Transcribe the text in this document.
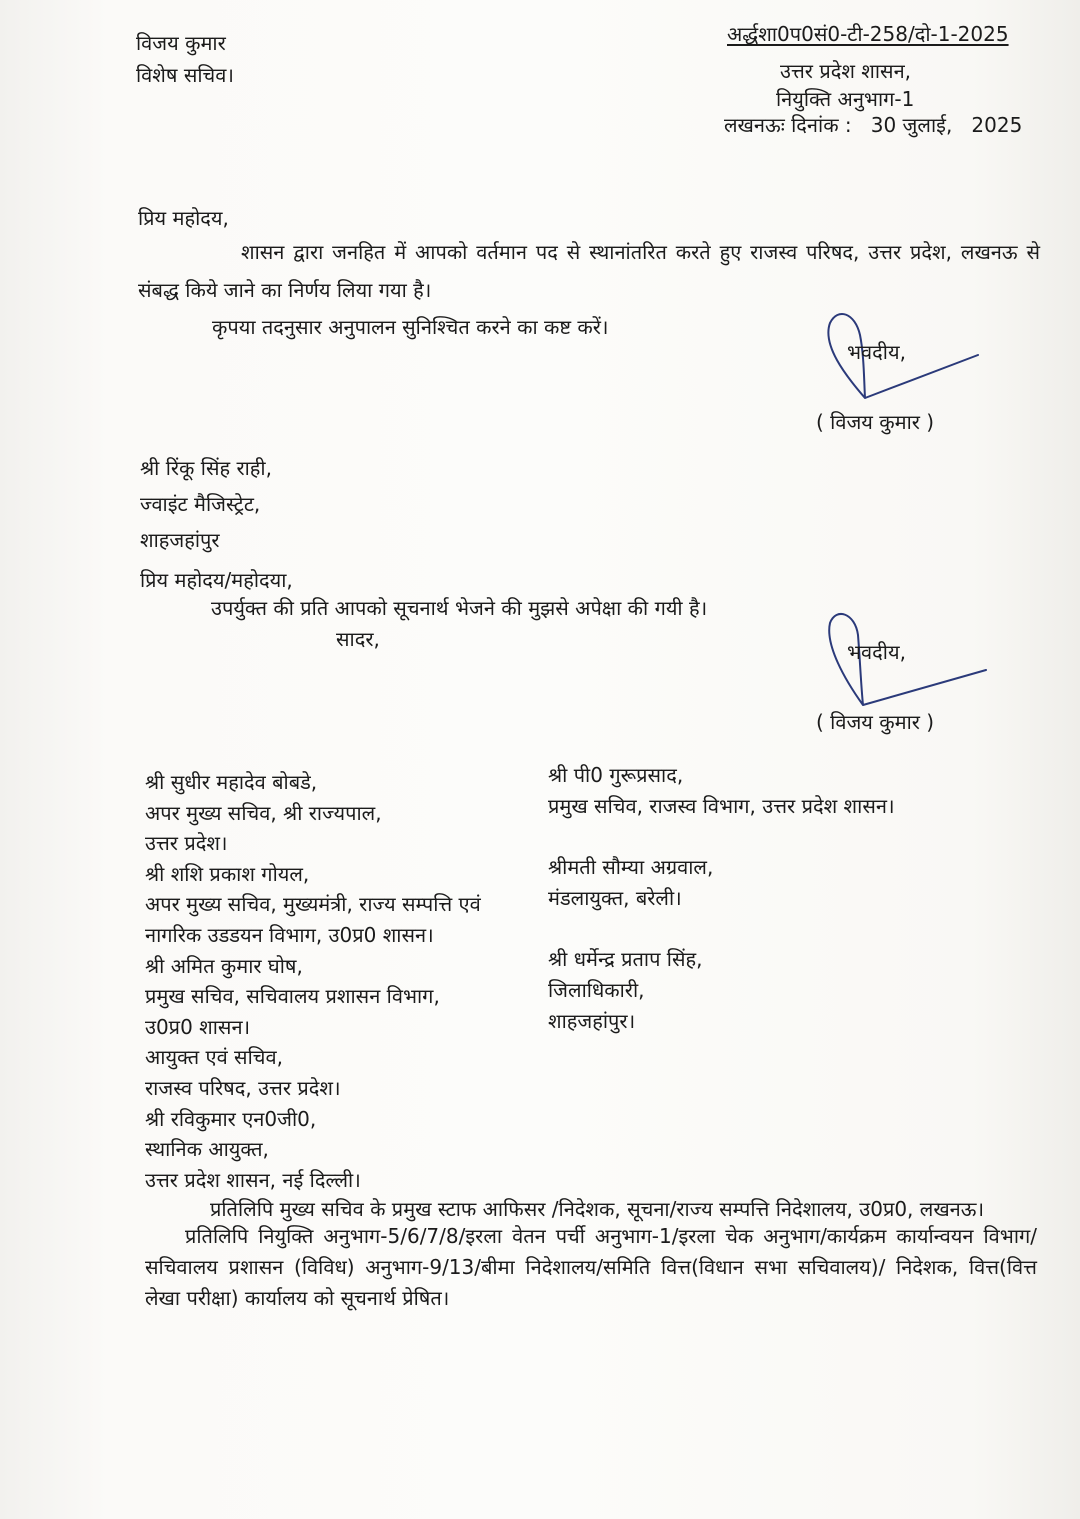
विजय कुमार
विशेष सचिव।
अर्द्धशा0प0सं0-टी-258/दो-1-2025
उत्तर प्रदेश शासन,
नियुक्ति अनुभाग-1
लखनऊः दिनांक : 30 जुलाई, 2025
प्रिय महोदय,
शासन द्वारा जनहित में आपको वर्तमान पद से स्थानांतरित करते हुए राजस्व परिषद, उत्तर प्रदेश, लखनऊ से संबद्ध किये जाने का निर्णय लिया गया है।
कृपया तदनुसार अनुपालन सुनिश्चित करने का कष्ट करें।
भवदीय,
( विजय कुमार )
श्री रिंकू सिंह राही,
ज्वाइंट मैजिस्ट्रेट,
शाहजहांपुर
प्रिय महोदय/महोदया,
उपर्युक्त की प्रति आपको सूचनार्थ भेजने की मुझसे अपेक्षा की गयी है।
सादर,
भवदीय,
( विजय कुमार )
श्री सुधीर महादेव बोबडे,
अपर मुख्य सचिव, श्री राज्यपाल,
उत्तर प्रदेश।
श्री शशि प्रकाश गोयल,
अपर मुख्य सचिव, मुख्यमंत्री, राज्य सम्पत्ति एवं
नागरिक उडडयन विभाग, उ0प्र0 शासन।
श्री अमित कुमार घोष,
प्रमुख सचिव, सचिवालय प्रशासन विभाग,
उ0प्र0 शासन।
आयुक्त एवं सचिव,
राजस्व परिषद, उत्तर प्रदेश।
श्री रविकुमार एन0जी0,
स्थानिक आयुक्त,
उत्तर प्रदेश शासन, नई दिल्ली।
श्री पी0 गुरूप्रसाद,
प्रमुख सचिव, राजस्व विभाग, उत्तर प्रदेश शासन।
श्रीमती सौम्या अग्रवाल,
मंडलायुक्त, बरेली।
श्री धर्मेन्द्र प्रताप सिंह,
जिलाधिकारी,
शाहजहांपुर।
प्रतिलिपि मुख्य सचिव के प्रमुख स्टाफ आफिसर /निदेशक, सूचना/राज्य सम्पत्ति निदेशालय, उ0प्र0, लखनऊ।
प्रतिलिपि नियुक्ति अनुभाग-5/6/7/8/इरला वेतन पर्ची अनुभाग-1/इरला चेक अनुभाग/कार्यक्रम कार्यान्वयन विभाग/सचिवालय प्रशासन (विविध) अनुभाग-9/13/बीमा निदेशालय/समिति वित्त(विधान सभा सचिवालय)/ निदेशक, वित्त(वित्त लेखा परीक्षा) कार्यालय को सूचनार्थ प्रेषित।
